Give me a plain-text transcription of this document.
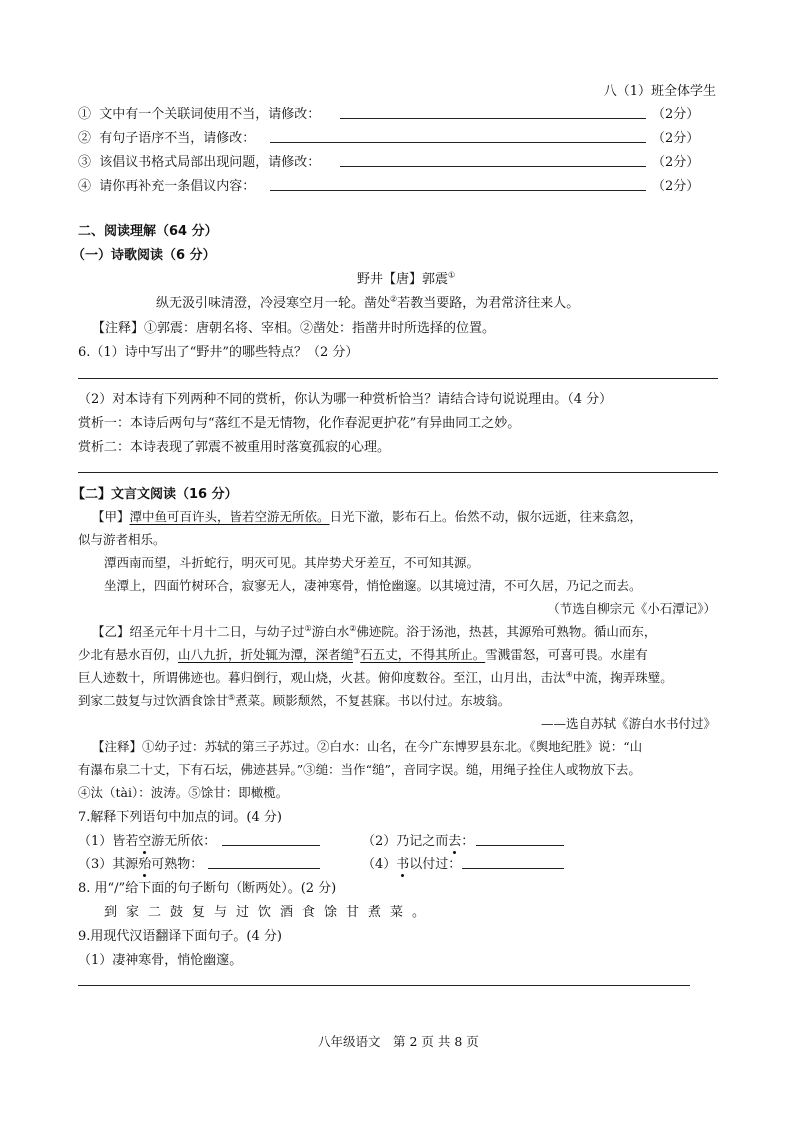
八（1）班全体学生
① 文中有一个关联词使用不当，请修改：	（2分）
② 有句子语序不当，请修改：	（2分）
③ 该倡议书格式局部出现问题，请修改：	（2分）
④ 请你再补充一条倡议内容：	（2分）
二、阅读理解（64 分）
（一）诗歌阅读（6 分）
野井【唐】郭震①
纵无汲引味清澄，冷浸寒空月一轮。凿处②若教当要路，为君常济往来人。
【注释】①郭震：唐朝名将、宰相。②凿处：指凿井时所选择的位置。
6.（1）诗中写出了“野井”的哪些特点？（2 分）
（2）对本诗有下列两种不同的赏析，你认为哪一种赏析恰当？请结合诗句说说理由。（4 分）
赏析一：本诗后两句与“落红不是无情物，化作春泥更护花”有异曲同工之妙。
赏析二：本诗表现了郭震不被重用时落寞孤寂的心理。
【二】文言文阅读（16 分）
【甲】潭中鱼可百许头，皆若空游无所依。日光下澈，影布石上。佁然不动，俶尔远逝，往来翕忽，
似与游者相乐。
潭西南而望，斗折蛇行，明灭可见。其岸势犬牙差互，不可知其源。
坐潭上，四面竹树环合，寂寥无人，凄神寒骨，悄怆幽邃。以其境过清，不可久居，乃记之而去。
（节选自柳宗元《小石潭记》）
【乙】绍圣元年十月十二日，与幼子过①游白水②佛迹院。浴于汤池，热甚，其源殆可熟物。循山而东，
少北有悬水百仞，山八九折，折处辄为潭，深者缒③石五丈，不得其所止。雪溅雷怒，可喜可畏。水崖有
巨人迹数十，所谓佛迹也。暮归倒行，观山烧，火甚。俯仰度数谷。至江，山月出，击汰④中流，掬弄珠璧。
到家二鼓复与过饮酒食馀甘⑤煮菜。顾影颓然，不复甚寐。书以付过。东坡翁。
——选自苏轼《游白水书付过》
【注释】①幼子过：苏轼的第三子苏过。②白水：山名，在今广东博罗县东北。《舆地纪胜》说：“山
有瀑布泉二十丈，下有石坛，佛迹甚异。”③缒：当作“缒”，音同字误。缒，用绳子拴住人或物放下去。
④汰（tài）：波涛。⑤馀甘：即橄榄。
7.解释下列语句中加点的词。(4 分)
（1）皆若空游无所依：	（2）乃记之而去：
（3）其源殆可熟物：	（4）书以付过：
8. 用“/”给下面的句子断句（断两处）。(2 分)
到家二鼓复与过饮酒食馀甘煮菜。
9.用现代汉语翻译下面句子。(4 分)
（1）凄神寒骨，悄怆幽邃。
八年级语文　第 2 页 共 8 页
